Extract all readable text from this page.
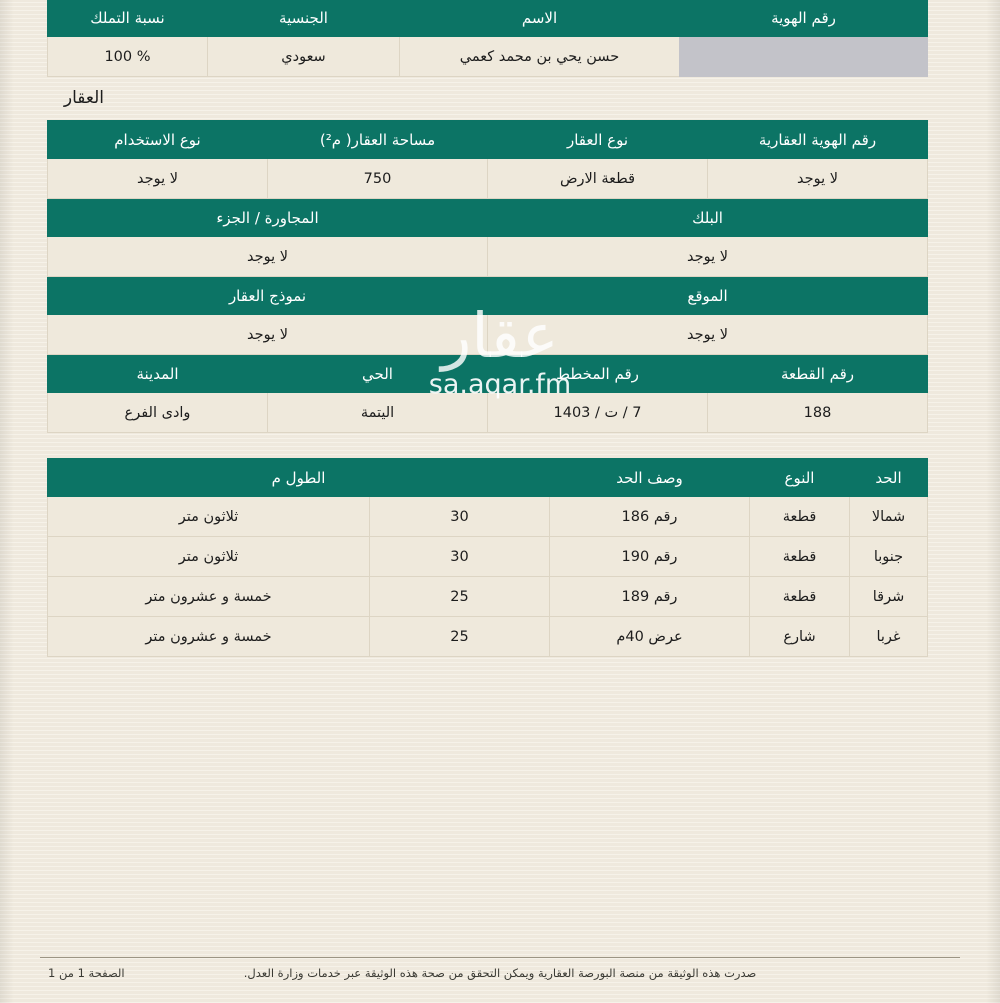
رقم الهوية	الاسم	الجنسية	نسبة التملك
	حسن يحي بن محمد كعمي	سعودي	% 100
العقار
رقم الهوية العقارية	نوع العقار	مساحة العقار( م²)	نوع الاستخدام
لا يوجد	قطعة الارض	750	لا يوجد
البلك		المجاورة / الجزء	
لا يوجد		لا يوجد	
الموقع		نموذج العقار	
لا يوجد		لا يوجد	
رقم القطعة	رقم المخطط	الحي	المدينة
188	7 / ت / 1403	اليتمة	وادى الفرع
الحد	النوع	وصف الحد	الطول م	
شمالا	قطعة	رقم 186	30	ثلاثون متر
جنوبا	قطعة	رقم 190	30	ثلاثون متر
شرقا	قطعة	رقم 189	25	خمسة و عشرون متر
غربا	شارع	عرض 40م	25	خمسة و عشرون متر
عقار
sa.aqar.fm
صدرت هذه الوثيقة من منصة البورصة العقارية ويمكن التحقق من صحة هذه الوثيقة عبر خدمات وزارة العدل.
الصفحة 1 من 1
